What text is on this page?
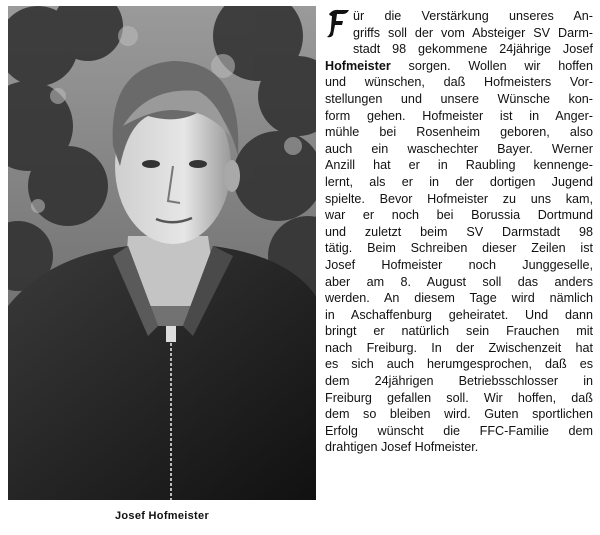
Josef Hofmeister
ür die Verstärkung unseres An-
griffs soll der vom Absteiger SV Darm-
stadt 98 gekommene 24jährige Josef
Hofmeister sorgen. Wollen wir hoffen
und wünschen, daß Hofmeisters Vor-
stellungen und unsere Wünsche kon-
form gehen. Hofmeister ist in Anger-
mühle bei Rosenheim geboren, also
auch ein waschechter Bayer. Werner
Anzill hat er in Raubling kennenge-
lernt, als er in der dortigen Jugend
spielte. Bevor Hofmeister zu uns kam,
war er noch bei Borussia Dortmund
und zuletzt beim SV Darmstadt 98
tätig. Beim Schreiben dieser Zeilen ist
Josef Hofmeister noch Junggeselle,
aber am 8. August soll das anders
werden. An diesem Tage wird nämlich
in Aschaffenburg geheiratet. Und dann
bringt er natürlich sein Frauchen mit
nach Freiburg. In der Zwischenzeit hat
es sich auch herumgesprochen, daß es
dem 24jährigen Betriebsschlosser in
Freiburg gefallen soll. Wir hoffen, daß
dem so bleiben wird. Guten sportlichen
Erfolg wünscht die FFC-Familie dem
drahtigen Josef Hofmeister.
